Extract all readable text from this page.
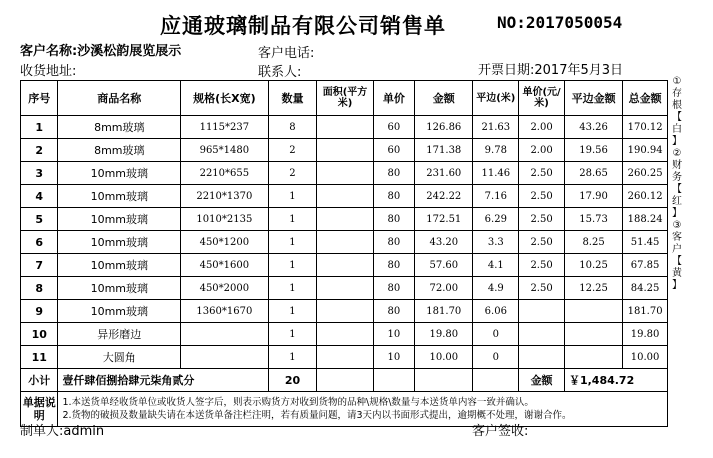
应通玻璃制品有限公司销售单	NO:2017050054
客户名称:沙溪松韵展览展示	客户电话:
收货地址:	联系人:	开票日期:2017年5月3日
序号	商品名称	规格(长X宽)	数量	面积(平方米)	单价	金额	平边(米)	单价(元/米)	平边金额	总金额
1	8mm玻璃	1115*237	8		60	126.86	21.63	2.00	43.26	170.12
2	8mm玻璃	965*1480	2		60	171.38	9.78	2.00	19.56	190.94
3	10mm玻璃	2210*655	2		80	231.60	11.46	2.50	28.65	260.25
4	10mm玻璃	2210*1370	1		80	242.22	7.16	2.50	17.90	260.12
5	10mm玻璃	1010*2135	1		80	172.51	6.29	2.50	15.73	188.24
6	10mm玻璃	450*1200	1		80	43.20	3.3	2.50	8.25	51.45
7	10mm玻璃	450*1600	1		80	57.60	4.1	2.50	10.25	67.85
8	10mm玻璃	450*2000	1		80	72.00	4.9	2.50	12.25	84.25
9	10mm玻璃	1360*1670	1		80	181.70	6.06			181.70
10	异形磨边		1		10	19.80	0			19.80
11	大圆角		1		10	10.00	0			10.00
小计	壹仟肆佰捌拾肆元柒角贰分		20					金额	￥1,484.72	
单据说明	1.本送货单经收货单位或收货人签字后，则表示购货方对收到货物的品种\规格\数量与本送货单内容一致并确认。
2.货物的破损及数量缺失请在本送货单备注栏注明，若有质量问题，请3天内以书面形式提出，逾期概不处理，谢谢合作。									
①
存
根
【
白
】
②
财
务
【
红
】
③
客
户
【
黄
】
制单人:admin	客户签收:
